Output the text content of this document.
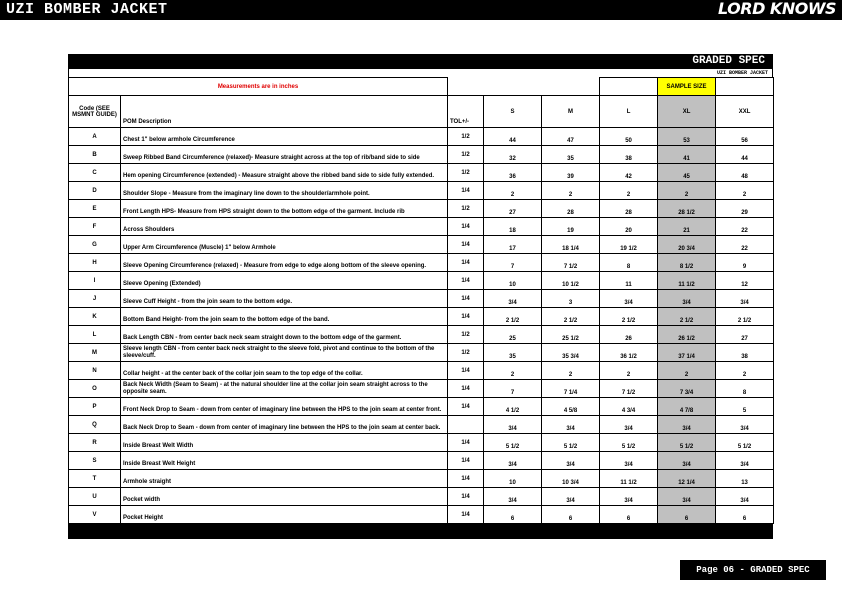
UZI BOMBER JACKET	LORD KNOWS
GRADED SPEC
UZI BOMBER JACKET
Measurements are in inches						SAMPLE SIZE	
Code (SEE MSMNT GUIDE)	POM Description	TOL+/-	S	M	L	XL	XXL
A	Chest 1" below armhole Circumference	1/2	44	47	50	53	56
B	Sweep Ribbed Band Circumference (relaxed)- Measure straight across at the top of rib/band side to side	1/2	32	35	38	41	44
C	Hem opening Circumference (extended) - Measure straight above the ribbed band side to side fully extended.	1/2	36	39	42	45	48
D	Shoulder Slope - Measure from the imaginary line down to the shoulder/armhole point.	1/4	2	2	2	2	2
E	Front Length HPS- Measure from HPS straight down to the bottom edge of the garment. Include rib	1/2	27	28	28	28 1/2	29
F	Across Shoulders	1/4	18	19	20	21	22
G	Upper Arm Circumference (Muscle) 1" below Armhole	1/4	17	18 1/4	19 1/2	20 3/4	22
H	Sleeve Opening Circumference (relaxed) - Measure from edge to edge along bottom of the sleeve opening.	1/4	7	7 1/2	8	8 1/2	9
I	Sleeve Opening (Extended)	1/4	10	10 1/2	11	11 1/2	12
J	Sleeve Cuff Height - from the join seam to the bottom edge.	1/4	3/4	3	3/4	3/4	3/4
K	Bottom Band Height- from the join seam to the bottom edge of the band.	1/4	2 1/2	2 1/2	2 1/2	2 1/2	2 1/2
L	Back Length CBN - from center back neck seam straight down to the bottom edge of the garment.	1/2	25	25 1/2	26	26 1/2	27
M	Sleeve length CBN - from center back neck straight to the sleeve fold, pivot and continue to the bottom of the sleeve/cuff.	1/2	35	35 3/4	36 1/2	37 1/4	38
N	Collar height - at the center back of the collar join seam to the top edge of the collar.	1/4	2	2	2	2	2
O	Back Neck Width (Seam to Seam) - at the natural shoulder line at the collar join seam straight across to the opposite seam.	1/4	7	7 1/4	7 1/2	7 3/4	8
P	Front Neck Drop to Seam - down from center of imaginary line between the HPS to the join seam at center front.	1/4	4 1/2	4 5/8	4 3/4	4 7/8	5
Q	Back Neck Drop to Seam - down from center of imaginary line between the HPS to the join seam at center back.		3/4	3/4	3/4	3/4	3/4
R	Inside Breast Welt Width	1/4	5 1/2	5 1/2	5 1/2	5 1/2	5 1/2
S	Inside Breast Welt Height	1/4	3/4	3/4	3/4	3/4	3/4
T	Armhole straight	1/4	10	10 3/4	11 1/2	12 1/4	13
U	Pocket width	1/4	3/4	3/4	3/4	3/4	3/4
V	Pocket Height	1/4	6	6	6	6	6
Page 06 - GRADED SPEC
